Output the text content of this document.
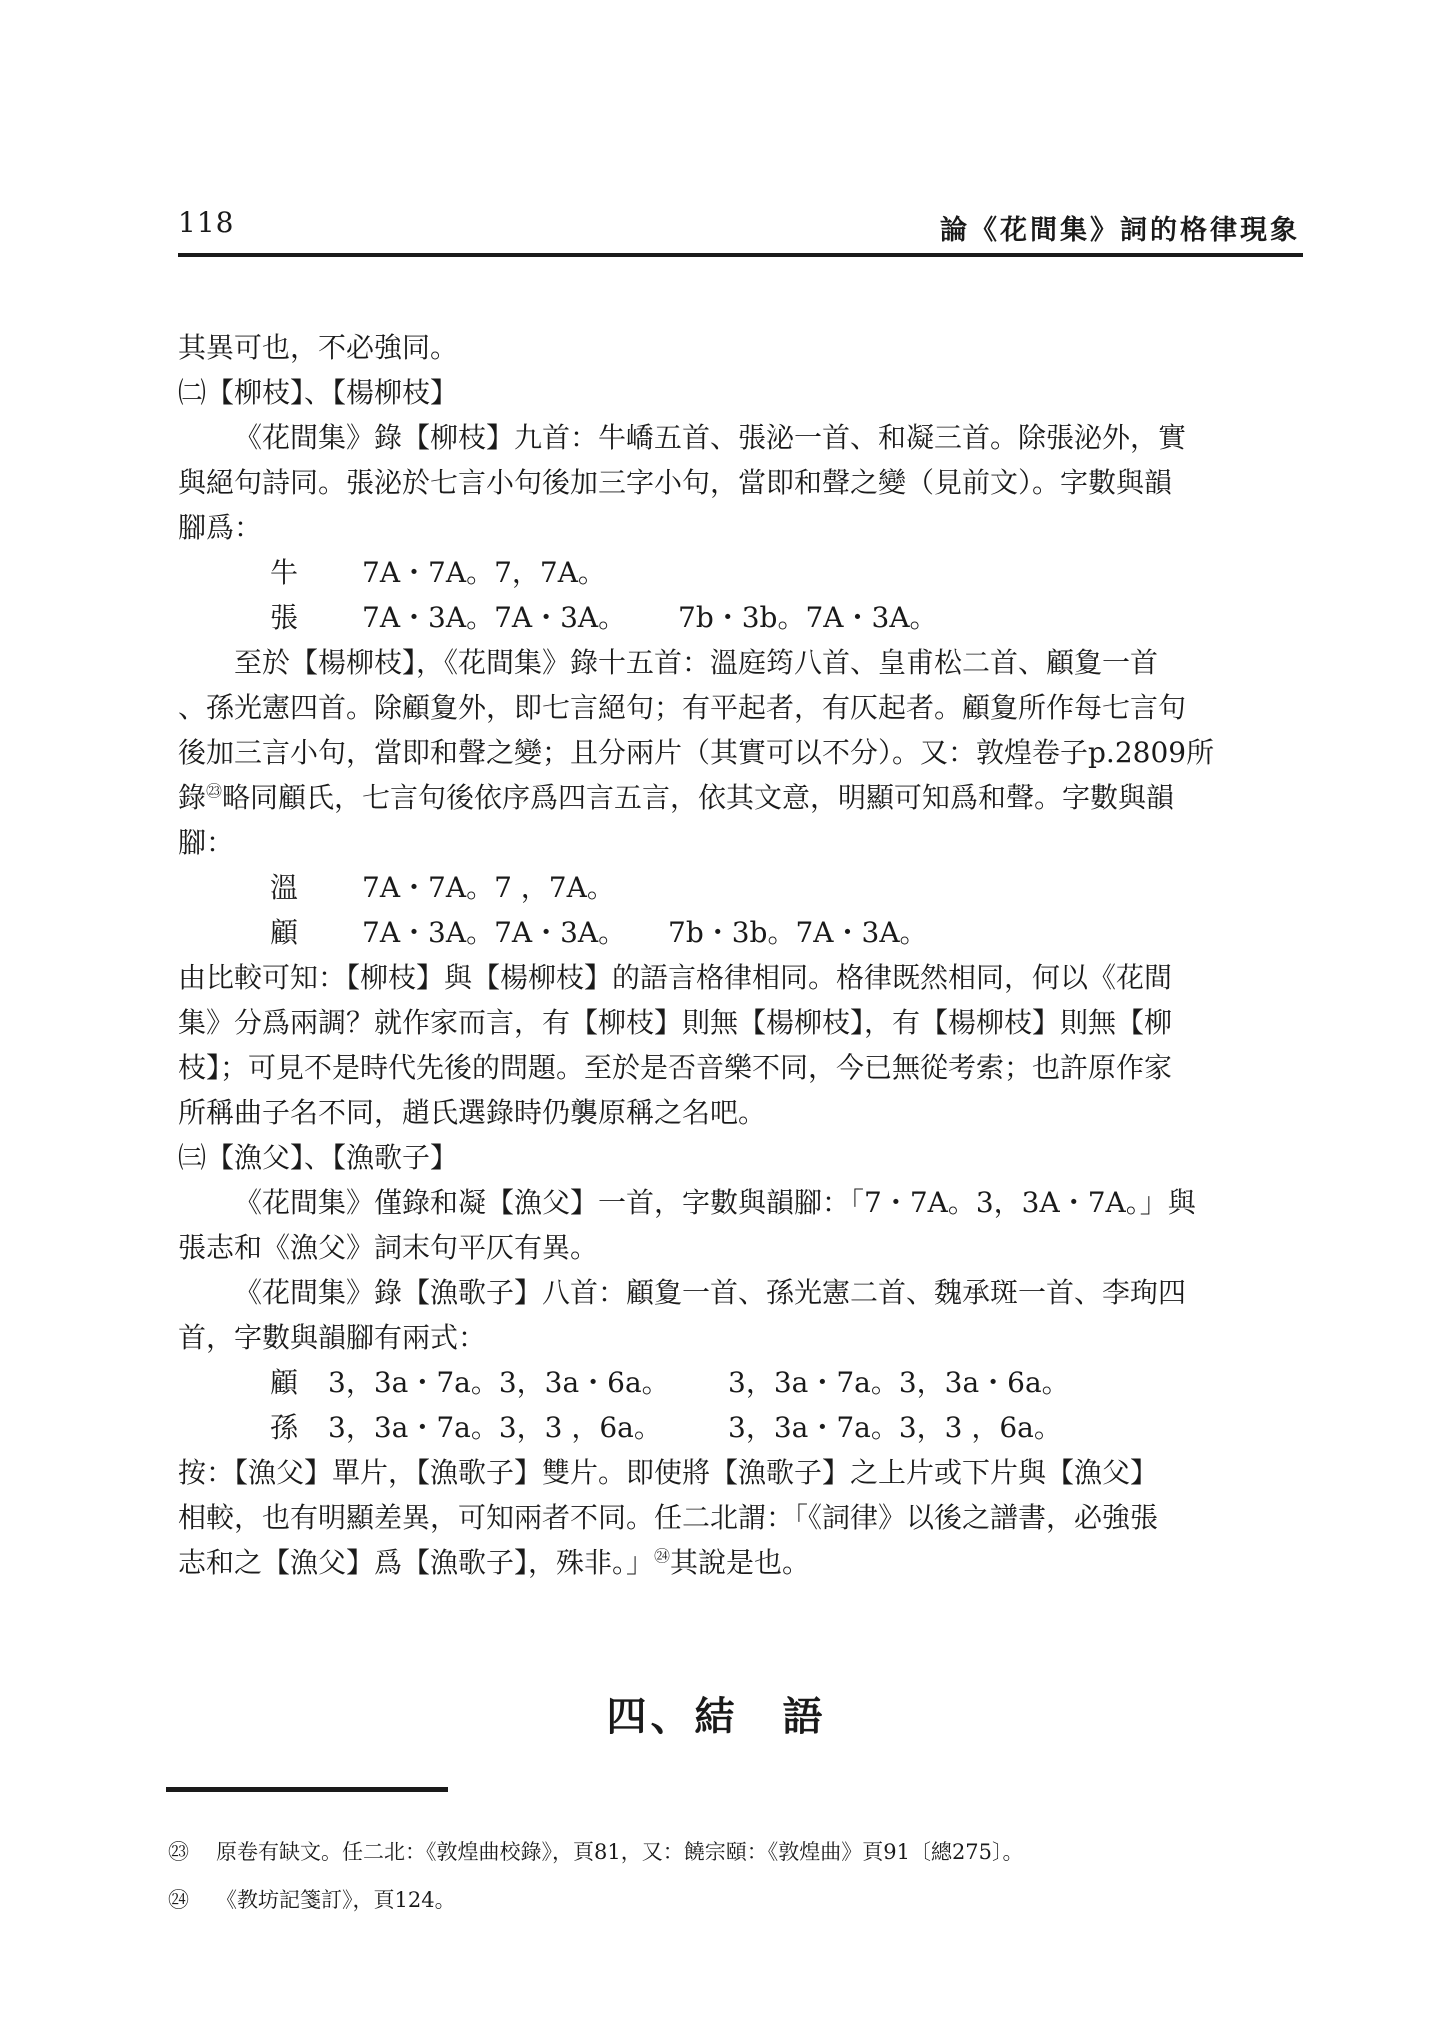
118	論《花間集》詞的格律現象
其異可也，不必強同。
㈡【柳枝】、【楊柳枝】
《花間集》錄【柳枝】九首：牛嶠五首、張泌一首、和凝三首。除張泌外，實
與絕句詩同。張泌於七言小句後加三字小句，當即和聲之變（見前文）。字數與韻
腳爲：
牛 7A・7A。7，7A。
張 7A・3A。7A・3A。 7b・3b。7A・3A。
至於【楊柳枝】，《花間集》錄十五首：溫庭筠八首、皇甫松二首、顧夐一首
、孫光憲四首。除顧夐外，即七言絕句；有平起者，有仄起者。顧夐所作每七言句
後加三言小句，當即和聲之變；且分兩片（其實可以不分）。又：敦煌卷子p.2809所
錄$^㉓$略同顧氏，七言句後依序爲四言五言，依其文意，明顯可知爲和聲。字數與韻
腳：
溫 7A・7A。7 ，7A。
顧 7A・3A。7A・3A。 7b・3b。7A・3A。
由比較可知：【柳枝】與【楊柳枝】的語言格律相同。格律既然相同，何以《花間
集》分爲兩調？就作家而言，有【柳枝】則無【楊柳枝】，有【楊柳枝】則無【柳
枝】；可見不是時代先後的問題。至於是否音樂不同，今已無從考索；也許原作家
所稱曲子名不同，趙氏選錄時仍襲原稱之名吧。
㈢【漁父】、【漁歌子】
《花間集》僅錄和凝【漁父】一首，字數與韻腳：「7・7A。3，3A・7A。」與
張志和《漁父》詞末句平仄有異。
《花間集》錄【漁歌子】八首：顧夐一首、孫光憲二首、魏承斑一首、李珣四
首，字數與韻腳有兩式：
顧 3，3a・7a。3，3a・6a。 3，3a・7a。3，3a・6a。
孫 3，3a・7a。3，3 ，6a。 3，3a・7a。3，3 ，6a。
按：【漁父】單片，【漁歌子】雙片。即使將【漁歌子】之上片或下片與【漁父】
相較，也有明顯差異，可知兩者不同。任二北謂：「《詞律》以後之譜書，必強張
志和之【漁父】爲【漁歌子】，殊非。」$^㉔$其說是也。
四、結　語
㉓ 原卷有缺文。任二北：《敦煌曲校錄》，頁81，又：饒宗頤：《敦煌曲》頁91〔總275〕。
㉔ 《教坊記箋訂》，頁124。
